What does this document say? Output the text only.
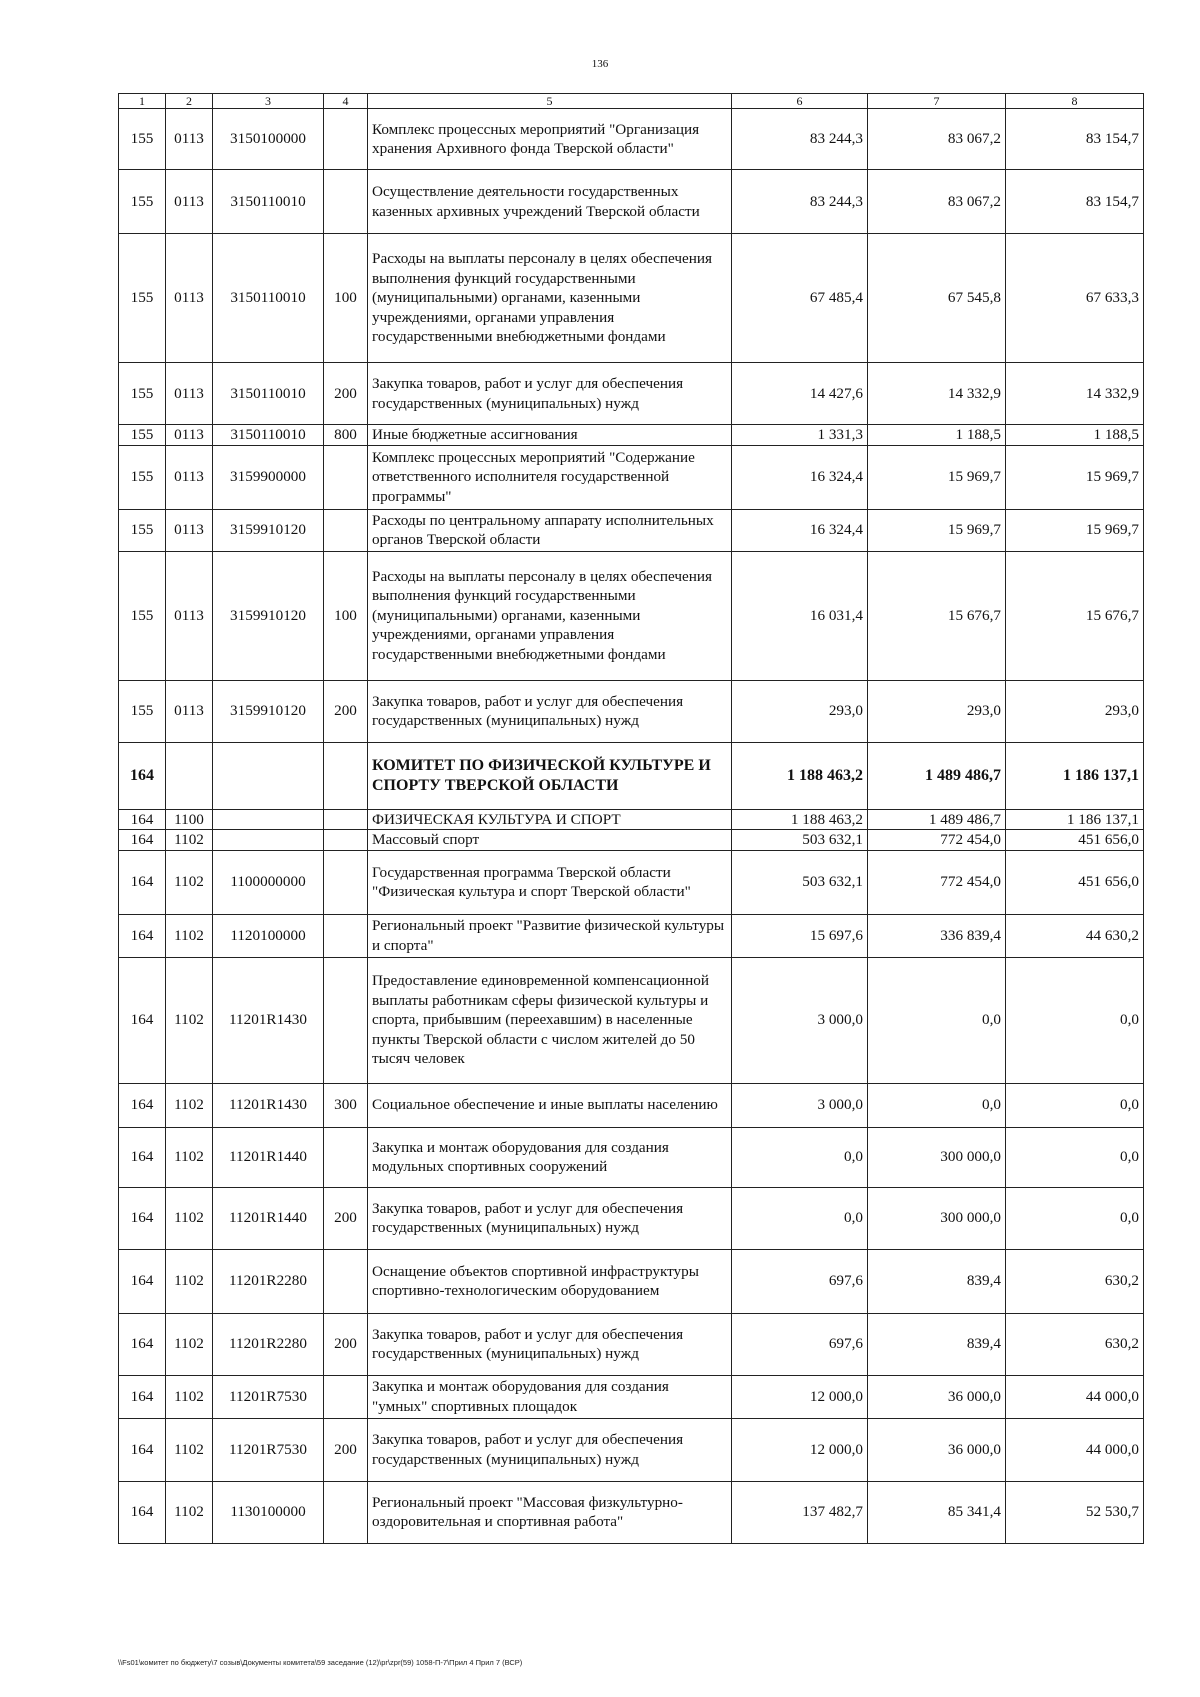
136
1	2	3	4	5	6	7	8
155	0113	3150100000		Комплекс процессных мероприятий "Организация хранения Архивного фонда Тверской области"	83 244,3	83 067,2	83 154,7
155	0113	3150110010		Осуществление деятельности государственных казенных архивных учреждений Тверской области	83 244,3	83 067,2	83 154,7
155	0113	3150110010	100	Расходы на выплаты персоналу в целях обеспечения выполнения функций государственными (муниципальными) органами, казенными учреждениями, органами управления государственными внебюджетными фондами	67 485,4	67 545,8	67 633,3
155	0113	3150110010	200	Закупка товаров, работ и услуг для обеспечения государственных (муниципальных) нужд	14 427,6	14 332,9	14 332,9
155	0113	3150110010	800	Иные бюджетные ассигнования	1 331,3	1 188,5	1 188,5
155	0113	3159900000		Комплекс процессных мероприятий "Содержание ответственного исполнителя государственной программы"	16 324,4	15 969,7	15 969,7
155	0113	3159910120		Расходы по центральному аппарату исполнительных органов Тверской области	16 324,4	15 969,7	15 969,7
155	0113	3159910120	100	Расходы на выплаты персоналу в целях обеспечения выполнения функций государственными (муниципальными) органами, казенными учреждениями, органами управления государственными внебюджетными фондами	16 031,4	15 676,7	15 676,7
155	0113	3159910120	200	Закупка товаров, работ и услуг для обеспечения государственных (муниципальных) нужд	293,0	293,0	293,0
164				КОМИТЕТ ПО ФИЗИЧЕСКОЙ КУЛЬТУРЕ И СПОРТУ ТВЕРСКОЙ ОБЛАСТИ	1 188 463,2	1 489 486,7	1 186 137,1
164	1100			ФИЗИЧЕСКАЯ КУЛЬТУРА И СПОРТ	1 188 463,2	1 489 486,7	1 186 137,1
164	1102			Массовый спорт	503 632,1	772 454,0	451 656,0
164	1102	1100000000		Государственная программа Тверской области "Физическая культура и спорт Тверской области"	503 632,1	772 454,0	451 656,0
164	1102	1120100000		Региональный проект "Развитие физической культуры и спорта"	15 697,6	336 839,4	44 630,2
164	1102	11201R1430		Предоставление единовременной компенсационной выплаты работникам сферы физической культуры и спорта, прибывшим (переехавшим) в населенные пункты Тверской области с числом жителей до 50 тысяч человек	3 000,0	0,0	0,0
164	1102	11201R1430	300	Социальное обеспечение и иные выплаты населению	3 000,0	0,0	0,0
164	1102	11201R1440		Закупка и монтаж оборудования для создания модульных спортивных сооружений	0,0	300 000,0	0,0
164	1102	11201R1440	200	Закупка товаров, работ и услуг для обеспечения государственных (муниципальных) нужд	0,0	300 000,0	0,0
164	1102	11201R2280		Оснащение объектов спортивной инфраструктуры спортивно-технологическим оборудованием	697,6	839,4	630,2
164	1102	11201R2280	200	Закупка товаров, работ и услуг для обеспечения государственных (муниципальных) нужд	697,6	839,4	630,2
164	1102	11201R7530		Закупка и монтаж оборудования для создания "умных" спортивных площадок	12 000,0	36 000,0	44 000,0
164	1102	11201R7530	200	Закупка товаров, работ и услуг для обеспечения государственных (муниципальных) нужд	12 000,0	36 000,0	44 000,0
164	1102	1130100000		Региональный проект "Массовая физкультурно-оздоровительная и спортивная работа"	137 482,7	85 341,4	52 530,7
\\Fs01\комитет по бюджету\7 созыв\Документы комитета\59 заседание (12)\pr\zpr(59) 1058-П-7\Прил 4 Прил 7 (ВСР)
